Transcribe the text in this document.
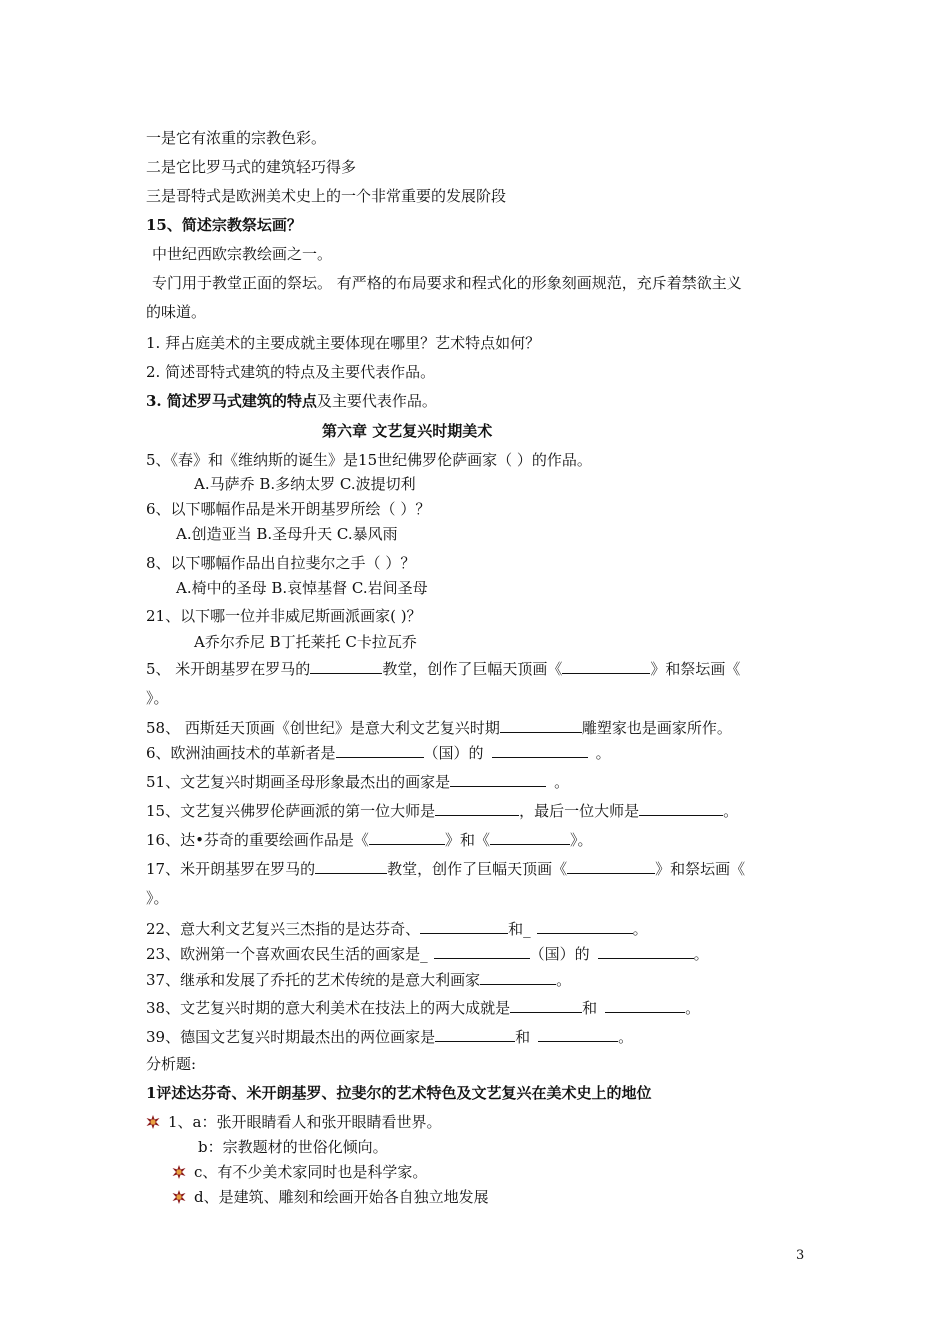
一是它有浓重的宗教色彩。
二是它比罗马式的建筑轻巧得多
三是哥特式是欧洲美术史上的一个非常重要的发展阶段
15、简述宗教祭坛画？
中世纪西欧宗教绘画之一。
专门用于教堂正面的祭坛。 有严格的布局要求和程式化的形象刻画规范，充斥着禁欲主义
的味道。
1. 拜占庭美术的主要成就主要体现在哪里？艺术特点如何？
2. 简述哥特式建筑的特点及主要代表作品。
3. 简述罗马式建筑的特点及主要代表作品。
第六章 文艺复兴时期美术
5、《春》和《维纳斯的诞生》是15世纪佛罗伦萨画家（ ）的作品。
A.马萨乔 B.多纳太罗 C.波提切利
6、以下哪幅作品是米开朗基罗所绘（ ）？
A.创造亚当 B.圣母升天 C.暴风雨
8、以下哪幅作品出自拉斐尔之手（ ）？
A.椅中的圣母 B.哀悼基督 C.岩间圣母
21、以下哪一位并非威尼斯画派画家( )？
A乔尔乔尼 B丁托莱托 C卡拉瓦乔
5、 米开朗基罗在罗马的	教堂，创作了巨幅天顶画《	》和祭坛画《
》。
58、 西斯廷天顶画《创世纪》是意大利文艺复兴时期	雕塑家也是画家所作。
6、欧洲油画技术的革新者是	（国）的	。
51、文艺复兴时期画圣母形象最杰出的画家是	。
15、文艺复兴佛罗伦萨画派的第一位大师是	，最后一位大师是	。
16、达•芬奇的重要绘画作品是《	》和《	》。
17、米开朗基罗在罗马的	教堂，创作了巨幅天顶画《	》和祭坛画《
》。
22、意大利文艺复兴三杰指的是达芬奇、	和_	。
23、欧洲第一个喜欢画农民生活的画家是_	（国）的	。
37、继承和发展了乔托的艺术传统的是意大利画家	。
38、文艺复兴时期的意大利美术在技法上的两大成就是	和	。
39、德国文艺复兴时期最杰出的两位画家是	和	。
分析题:
1评述达芬奇、米开朗基罗、拉斐尔的艺术特色及文艺复兴在美术史上的地位
1、a：张开眼睛看人和张开眼睛看世界。
b：宗教题材的世俗化倾向。
c、有不少美术家同时也是科学家。
d、是建筑、雕刻和绘画开始各自独立地发展
3
